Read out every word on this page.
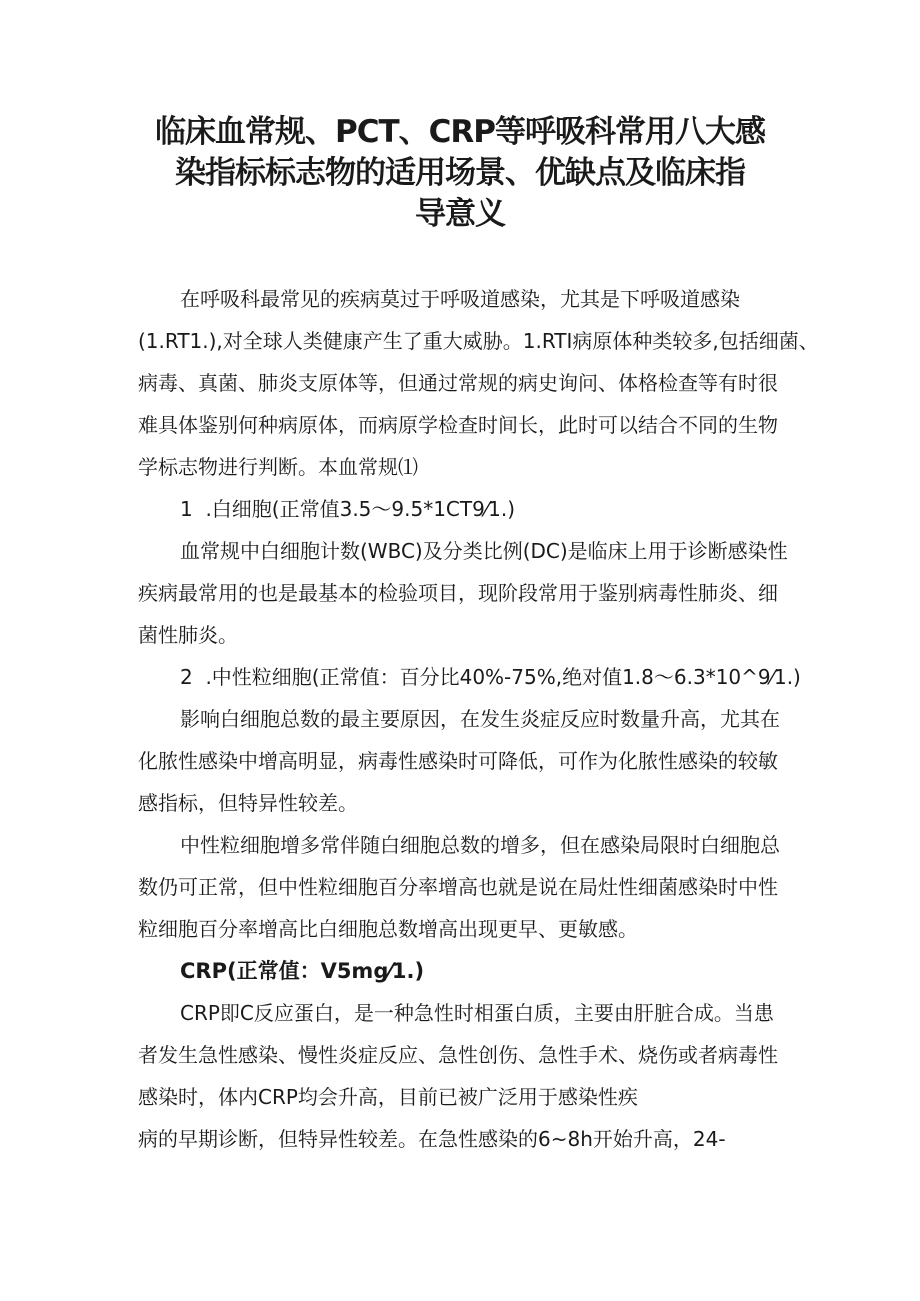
临床血常规、PCT、CRP等呼吸科常用八大感
染指标标志物的适用场景、优缺点及临床指
导意义

在呼吸科最常见的疾病莫过于呼吸道感染，尤其是下呼吸道感染
(1.RT1.),对全球人类健康产生了重大威胁。1.RTI病原体种类较多,包括细菌、
病毒、真菌、肺炎支原体等，但通过常规的病史询问、体格检查等有时很
难具体鉴别何种病原体，而病原学检查时间长，此时可以结合不同的生物
学标志物进行判断。本血常规⑴

1  .白细胞(正常值3.5～9.5*1CT9⁄1.)

血常规中白细胞计数(WBC)及分类比例(DC)是临床上用于诊断感染性
疾病最常用的也是最基本的检验项目，现阶段常用于鉴别病毒性肺炎、细
菌性肺炎。

2  .中性粒细胞(正常值：百分比40%-75%,绝对值1.8～6.3*10^9⁄1.)

影响白细胞总数的最主要原因，在发生炎症反应时数量升高，尤其在
化脓性感染中增高明显，病毒性感染时可降低，可作为化脓性感染的较敏
感指标，但特异性较差。

中性粒细胞增多常伴随白细胞总数的增多，但在感染局限时白细胞总
数仍可正常，但中性粒细胞百分率增高也就是说在局灶性细菌感染时中性
粒细胞百分率增高比白细胞总数增高出现更早、更敏感。

CRP(正常值：V5mg⁄1.)

CRP即C反应蛋白，是一种急性时相蛋白质，主要由肝脏合成。当患
者发生急性感染、慢性炎症反应、急性创伤、急性手术、烧伤或者病毒性
感染时，体内CRP均会升高，目前已被广泛用于感染性疾
病的早期诊断，但特异性较差。在急性感染的6~8h开始升高，24-
